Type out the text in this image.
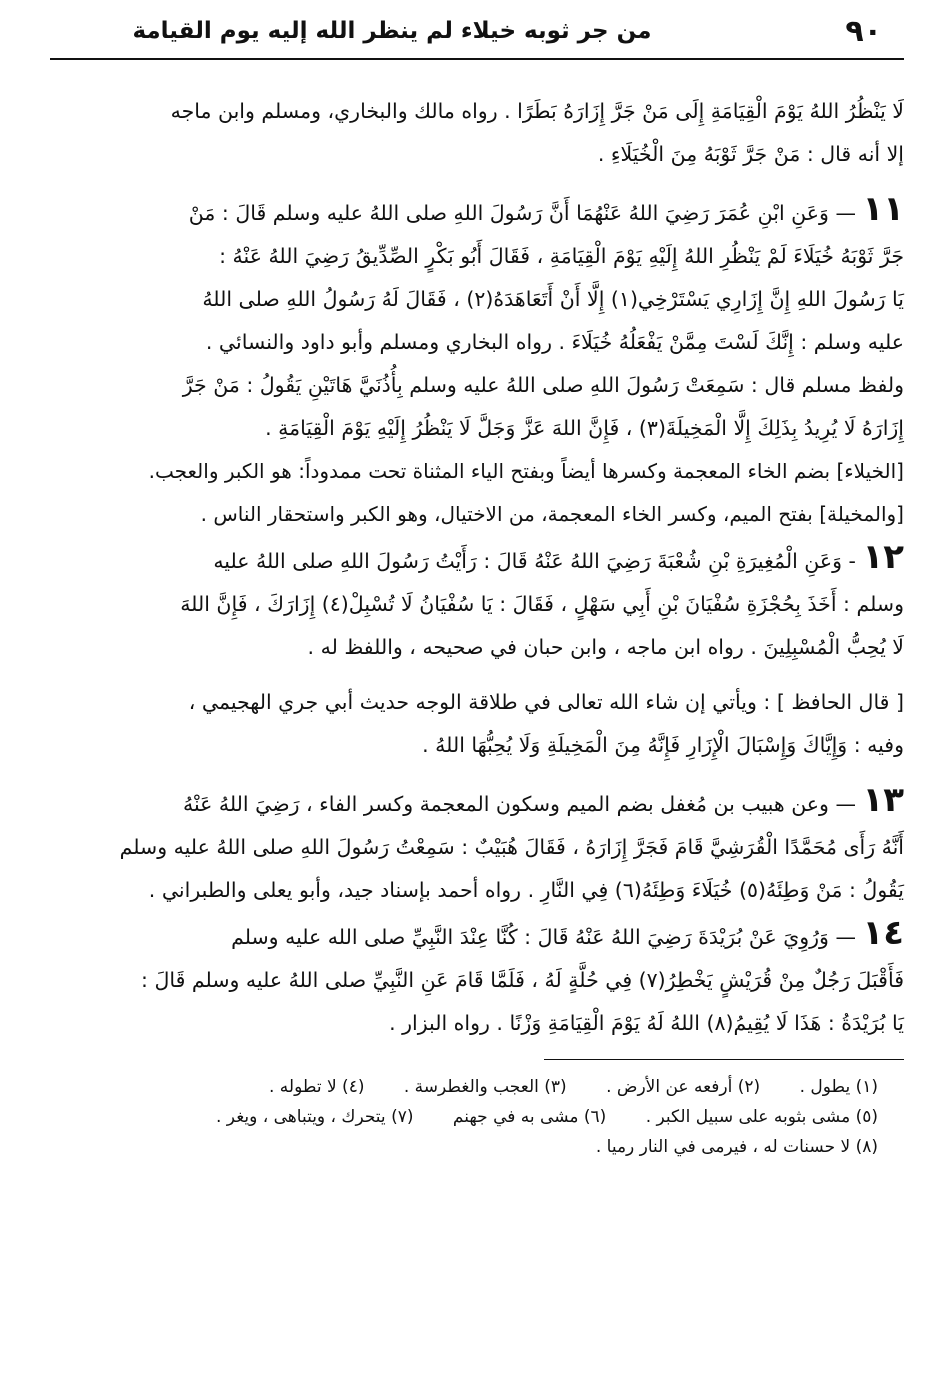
٩٠
من جر ثوبه خيلاء لم ينظر الله إليه يوم القيامة

لَا يَنْظُرُ اللهُ يَوْمَ الْقِيَامَةِ إِلَى مَنْ جَرَّ إِزَارَهُ بَطَرًا . رواه مالك والبخاري، ومسلم وابن ماجه
إلا أنه قال : مَنْ جَرَّ ثَوْبَهُ مِنَ الْخُيَلَاءِ .

١١ — وَعَنِ ابْنِ عُمَرَ رَضِيَ اللهُ عَنْهُمَا أَنَّ رَسُولَ اللهِ صلى اللهُ عليه وسلم قَالَ : مَنْ
جَرَّ ثَوْبَهُ خُيَلَاءَ لَمْ يَنْظُرِ اللهُ إِلَيْهِ يَوْمَ الْقِيَامَةِ ، فَقَالَ أَبُو بَكْرٍ الصِّدِّيقُ رَضِيَ اللهُ عَنْهُ :
يَا رَسُولَ اللهِ إِنَّ إِزَارِي يَسْتَرْخِي(١) إِلَّا أَنْ أَتَعَاهَدَهُ(٢) ، فَقَالَ لَهُ رَسُولُ اللهِ صلى اللهُ
عليه وسلم : إِنَّكَ لَسْتَ مِمَّنْ يَفْعَلُهُ خُيَلَاءَ . رواه البخاري ومسلم وأبو داود والنسائي .

ولفظ مسلم قال : سَمِعَتْ رَسُولَ اللهِ صلى اللهُ عليه وسلم بِأُذُنَيَّ هَاتَيْنِ يَقُولُ : مَنْ جَرَّ
إِزَارَهُ لَا يُرِيدُ بِذَلِكَ إِلَّا الْمَخِيلَةَ(٣) ، فَإِنَّ اللهَ عَزَّ وَجَلَّ لَا يَنْظُرُ إِلَيْهِ يَوْمَ الْقِيَامَةِ .

[الخيلاء] بضم الخاء المعجمة وكسرها أيضاً وبفتح الياء المثناة تحت ممدوداً: هو الكبر والعجب.
[والمخيلة] بفتح الميم، وكسر الخاء المعجمة، من الاختيال، وهو الكبر واستحقار الناس .

١٢ - وَعَنِ الْمُغِيرَةِ بْنِ شُعْبَةَ رَضِيَ اللهُ عَنْهُ قَالَ : رَأَيْتُ رَسُولَ اللهِ صلى اللهُ عليه
وسلم : أَخَذَ بِحُجْزَةِ سُفْيَانَ بْنِ أَبِي سَهْلٍ ، فَقَالَ : يَا سُفْيَانُ لَا تُسْبِلْ(٤) إِزَارَكَ ، فَإِنَّ اللهَ
لَا يُحِبُّ الْمُسْبِلِينَ . رواه ابن ماجه ، وابن حبان في صحيحه ، واللفظ له .

[ قال الحافظ ] : ويأتي إن شاء الله تعالى في طلاقة الوجه حديث أبي جري الهجيمي ،
وفيه : وَإِيَّاكَ وَإِسْبَالَ الْإِزَارِ فَإِنَّهُ مِنَ الْمَخِيلَةِ وَلَا يُحِبُّهَا اللهُ .

١٣ — وعن هبيب بن مُغفل بضم الميم وسكون المعجمة وكسر الفاء ، رَضِيَ اللهُ عَنْهُ
أَنَّهُ رَأَى مُحَمَّدًا الْقُرَشِيَّ قَامَ فَجَرَّ إِزَارَهُ ، فَقَالَ هُبَيْبٌ : سَمِعْتُ رَسُولَ اللهِ صلى اللهُ عليه وسلم
يَقُولُ : مَنْ وَطِئَهُ(٥) خُيَلَاءَ وَطِئَهُ(٦) فِي النَّارِ . رواه أحمد بإسناد جيد، وأبو يعلى والطبراني .

١٤ — وَرُوِيَ عَنْ بُرَيْدَةَ رَضِيَ اللهُ عَنْهُ قَالَ : كُنَّا عِنْدَ النَّبِيِّ صلى الله عليه وسلم
فَأَقْبَلَ رَجُلٌ مِنْ قُرَيْشٍ يَخْطِرُ(٧) فِي حُلَّةٍ لَهُ ، فَلَمَّا قَامَ عَنِ النَّبِيِّ صلى اللهُ عليه وسلم قَالَ :
يَا بُرَيْدَةُ : هَذَا لَا يُقِيمُ(٨) اللهُ لَهُ يَوْمَ الْقِيَامَةِ وَزْنًا . رواه البزار .

(١) يطول . (٢) أرفعه عن الأرض . (٣) العجب والغطرسة . (٤) لا تطوله .
(٥) مشى بثوبه على سبيل الكبر . (٦) مشى به في جهنم (٧) يتحرك ، ويتباهى ، ويغر .
(٨) لا حسنات له ، فيرمى في النار رميا .
